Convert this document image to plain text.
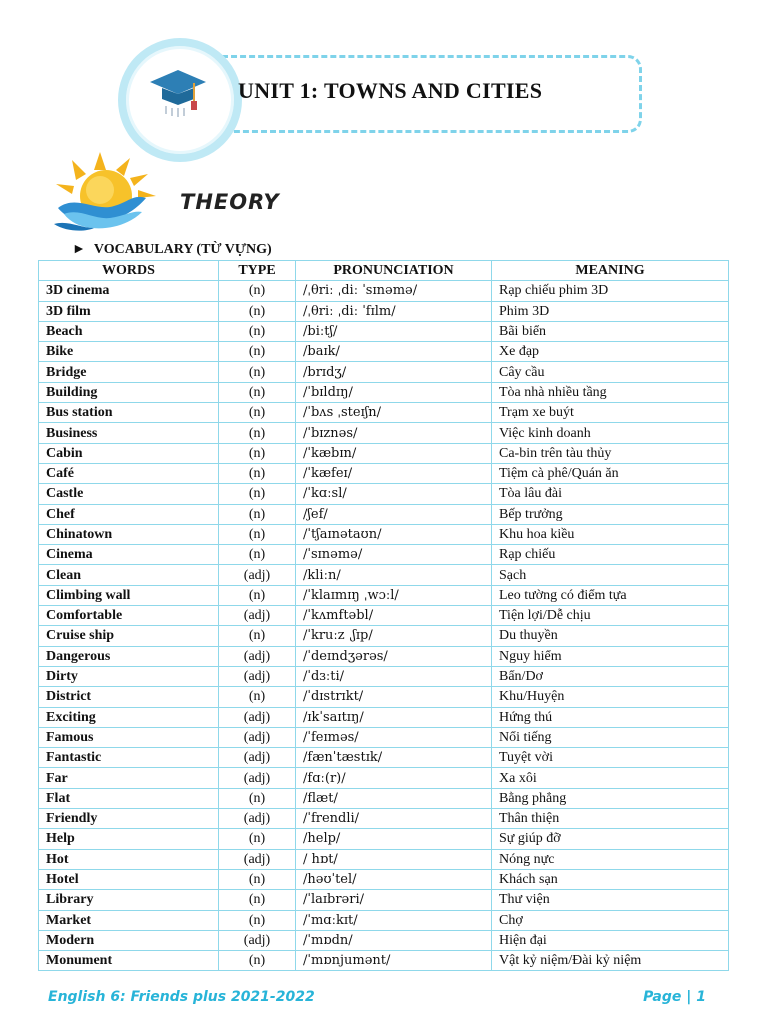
UNIT 1: TOWNS AND CITIES
THEORY
► VOCABULARY (TỪ VỰNG)
WORDS	TYPE	PRONUNCIATION	MEANING
3D cinema	(n)	/ˌθriː ˌdiː ˈsɪnəmə/	Rạp chiếu phim 3D
3D film	(n)	/ˌθriː ˌdiː ˈfɪlm/	Phim 3D
Beach	(n)	/biːtʃ/	Bãi biển
Bike	(n)	/baɪk/	Xe đạp
Bridge	(n)	/brɪdʒ/	Cây cầu
Building	(n)	/ˈbɪldɪŋ/	Tòa nhà nhiều tầng
Bus station	(n)	/ˈbʌs ˌsteɪʃn/	Trạm xe buýt
Business	(n)	/ˈbɪznəs/	Việc kinh doanh
Cabin	(n)	/ˈkæbɪn/	Ca-bin trên tàu thủy
Café	(n)	/ˈkæfeɪ/	Tiệm cà phê/Quán ăn
Castle	(n)	/ˈkɑːsl/	Tòa lâu đài
Chef	(n)	/ʃef/	Bếp trưởng
Chinatown	(n)	/ˈtʃaɪnətaʊn/	Khu hoa kiều
Cinema	(n)	/ˈsɪnəmə/	Rạp chiếu
Clean	(adj)	/kliːn/	Sạch
Climbing wall	(n)	/ˈklaɪmɪŋ ˌwɔːl/	Leo tường có điểm tựa
Comfortable	(adj)	/ˈkʌmftəbl/	Tiện lợi/Dễ chịu
Cruise ship	(n)	/ˈkruːz ˌʃɪp/	Du thuyền
Dangerous	(adj)	/ˈdeɪndʒərəs/	Nguy hiểm
Dirty	(adj)	/ˈdɜːti/	Bẩn/Dơ
District	(n)	/ˈdɪstrɪkt/	Khu/Huyện
Exciting	(adj)	/ɪkˈsaɪtɪŋ/	Hứng thú
Famous	(adj)	/ˈfeɪməs/	Nổi tiếng
Fantastic	(adj)	/fænˈtæstɪk/	Tuyệt vời
Far	(adj)	/fɑː(r)/	Xa xôi
Flat	(n)	/flæt/	Bằng phẳng
Friendly	(adj)	/ˈfrendli/	Thân thiện
Help	(n)	/help/	Sự giúp đỡ
Hot	(adj)	/ hɒt/	Nóng nực
Hotel	(n)	/həʊˈtel/	Khách sạn
Library	(n)	/ˈlaɪbrəri/	Thư viện
Market	(n)	/ˈmɑːkɪt/	Chợ
Modern	(adj)	/ˈmɒdn/	Hiện đại
Monument	(n)	/ˈmɒnjumənt/	Vật kỷ niệm/Đài kỷ niệm
English 6: Friends plus 2021-2022	Page | 1
